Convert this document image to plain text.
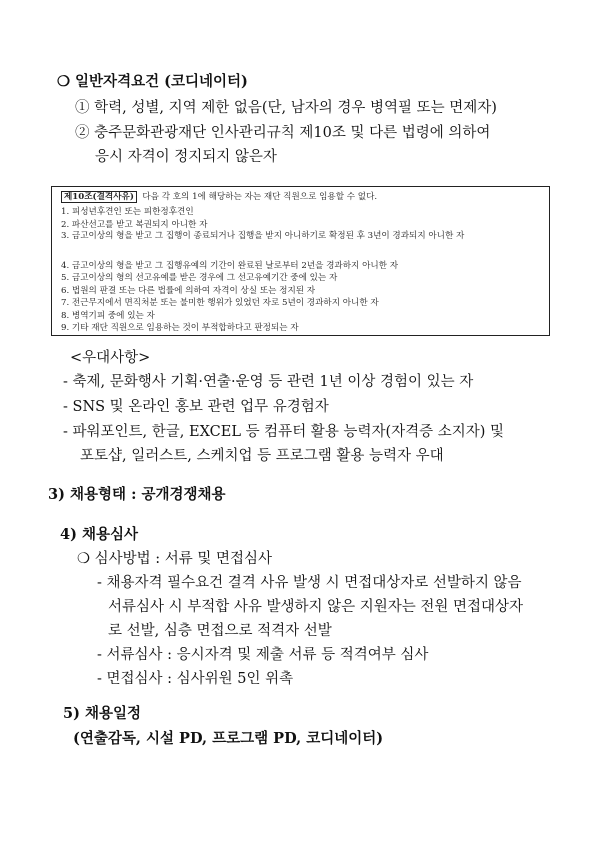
❍ 일반자격요건 (코디네이터)
① 학력, 성별, 지역 제한 없음(단, 남자의 경우 병역필 또는 면제자)
② 충주문화관광재단 인사관리규칙 제10조 및 다른 법령에 의하여
응시 자격이 정지되지 않은자
제10조(결격사유) 다음 각 호의 1에 해당하는 자는 재단 직원으로 임용할 수 없다.
1. 피성년후견인 또는 피한정후견인
2. 파산선고를 받고 복권되지 아니한 자
3. 금고이상의 형을 받고 그 집행이 종료되거나 집행을 받지 아니하기로 확정된 후 3년이 경과되지 아니한 자
4. 금고이상의 형을 받고 그 집행유예의 기간이 완료된 날로부터 2년을 경과하지 아니한 자
5. 금고이상의 형의 선고유예를 받은 경우에 그 선고유예기간 중에 있는 자
6. 법원의 판결 또는 다른 법률에 의하여 자격이 상실 또는 정지된 자
7. 전근무지에서 면직처분 또는 불미한 행위가 있었던 자로 5년이 경과하지 아니한 자
8. 병역기피 중에 있는 자
9. 기타 재단 직원으로 임용하는 것이 부적합하다고 판정되는 자
<우대사항>
- 축제, 문화행사 기획·연출·운영 등 관련 1년 이상 경험이 있는 자
- SNS 및 온라인 홍보 관련 업무 유경험자
- 파워포인트, 한글, EXCEL 등 컴퓨터 활용 능력자(자격증 소지자) 및
포토샵, 일러스트, 스케치업 등 프로그램 활용 능력자 우대
3) 채용형태 : 공개경쟁채용
4) 채용심사
❍ 심사방법 : 서류 및 면접심사
- 채용자격 필수요건 결격 사유 발생 시 면접대상자로 선발하지 않음
서류심사 시 부적합 사유 발생하지 않은 지원자는 전원 면접대상자
로 선발, 심층 면접으로 적격자 선발
- 서류심사 : 응시자격 및 제출 서류 등 적격여부 심사
- 면접심사 : 심사위원 5인 위촉
5) 채용일정
(연출감독, 시설 PD, 프로그램 PD, 코디네이터)
